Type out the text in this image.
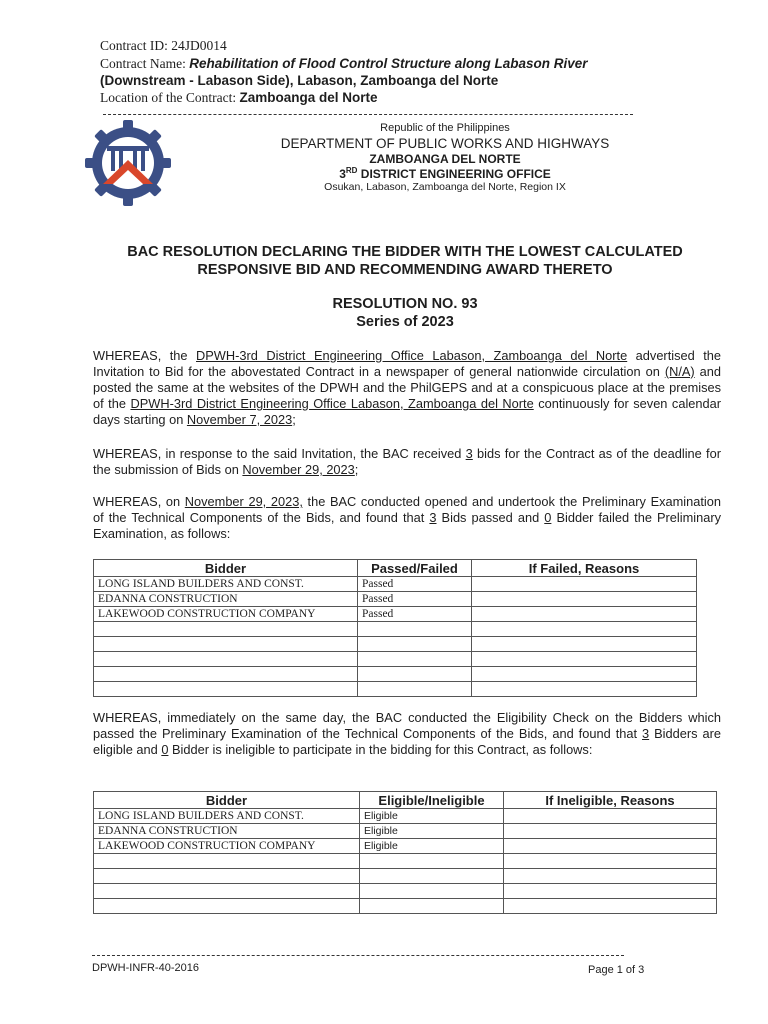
Contract ID: 24JD0014
Contract Name: Rehabilitation of Flood Control Structure along Labason River
(Downstream - Labason Side), Labason, Zamboanga del Norte
Location of the Contract: Zamboanga del Norte
Republic of the Philippines
DEPARTMENT OF PUBLIC WORKS AND HIGHWAYS
ZAMBOANGA DEL NORTE
3RD DISTRICT ENGINEERING OFFICE
Osukan, Labason, Zamboanga del Norte, Region IX
BAC RESOLUTION DECLARING THE BIDDER WITH THE LOWEST CALCULATED
RESPONSIVE BID AND RECOMMENDING AWARD THERETO
RESOLUTION NO. 93
Series of 2023
WHEREAS, the DPWH-3rd District Engineering Office Labason, Zamboanga del Norte advertised the Invitation to Bid for the abovestated Contract in a newspaper of general nationwide circulation on (N/A) and posted the same at the websites of the DPWH and the PhilGEPS and at a conspicuous place at the premises of the DPWH-3rd District Engineering Office Labason, Zamboanga del Norte continuously for seven calendar days starting on November 7, 2023;
WHEREAS, in response to the said Invitation, the BAC received 3 bids for the Contract as of the deadline for the submission of Bids on November 29, 2023;
WHEREAS, on November 29, 2023, the BAC conducted opened and undertook the Preliminary Examination of the Technical Components of the Bids, and found that 3 Bids passed and 0 Bidder failed the Preliminary Examination, as follows:
Bidder	Passed/Failed	If Failed, Reasons
LONG ISLAND BUILDERS AND CONST.	Passed	
EDANNA CONSTRUCTION	Passed	
LAKEWOOD CONSTRUCTION COMPANY	Passed	

WHEREAS, immediately on the same day, the BAC conducted the Eligibility Check on the Bidders which passed the Preliminary Examination of the Technical Components of the Bids, and found that 3 Bidders are eligible and 0 Bidder is ineligible to participate in the bidding for this Contract, as follows:
Bidder	Eligible/Ineligible	If Ineligible, Reasons
LONG ISLAND BUILDERS AND CONST.	Eligible	
EDANNA CONSTRUCTION	Eligible	
LAKEWOOD CONSTRUCTION COMPANY	Eligible	

DPWH-INFR-40-2016	Page 1 of 3
